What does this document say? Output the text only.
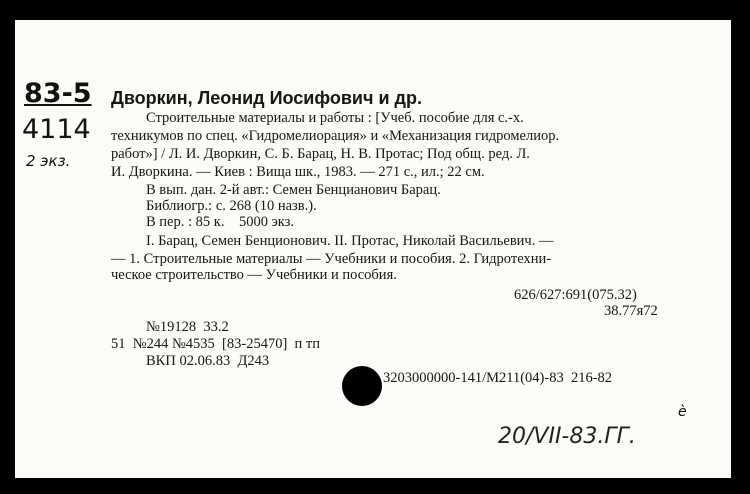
83-5
4114
2 экз.
Дворкин, Леонид Иосифович и др.
Строительные материалы и работы : [Учеб. пособие для с.-х.
техникумов по спец. «Гидромелиорация» и «Механизация гидромелиор.
работ»] / Л. И. Дворкин, С. Б. Барац, Н. В. Протас; Под общ. ред. Л.
И. Дворкина. — Киев : Вища шк., 1983. — 271 с., ил.; 22 см.
В вып. дан. 2-й авт.: Семен Бенцианович Барац.
Библиогр.: с. 268 (10 назв.).
В пер. : 85 к.    5000 экз.
I. Барац, Семен Бенционович. II. Протас, Николай Васильевич. —
— 1. Строительные материалы — Учебники и пособия. 2. Гидротехни-
ческое строительство — Учебники и пособия.
626/627:691(075.32)
38.77я72
№19128  33.2
51  №244 №4535  [83-25470]  п тп
ВКП 02.06.83  Д243
3203000000-141/М211(04)-83  216-82
20/VII-83.ГГ.
ѐ
